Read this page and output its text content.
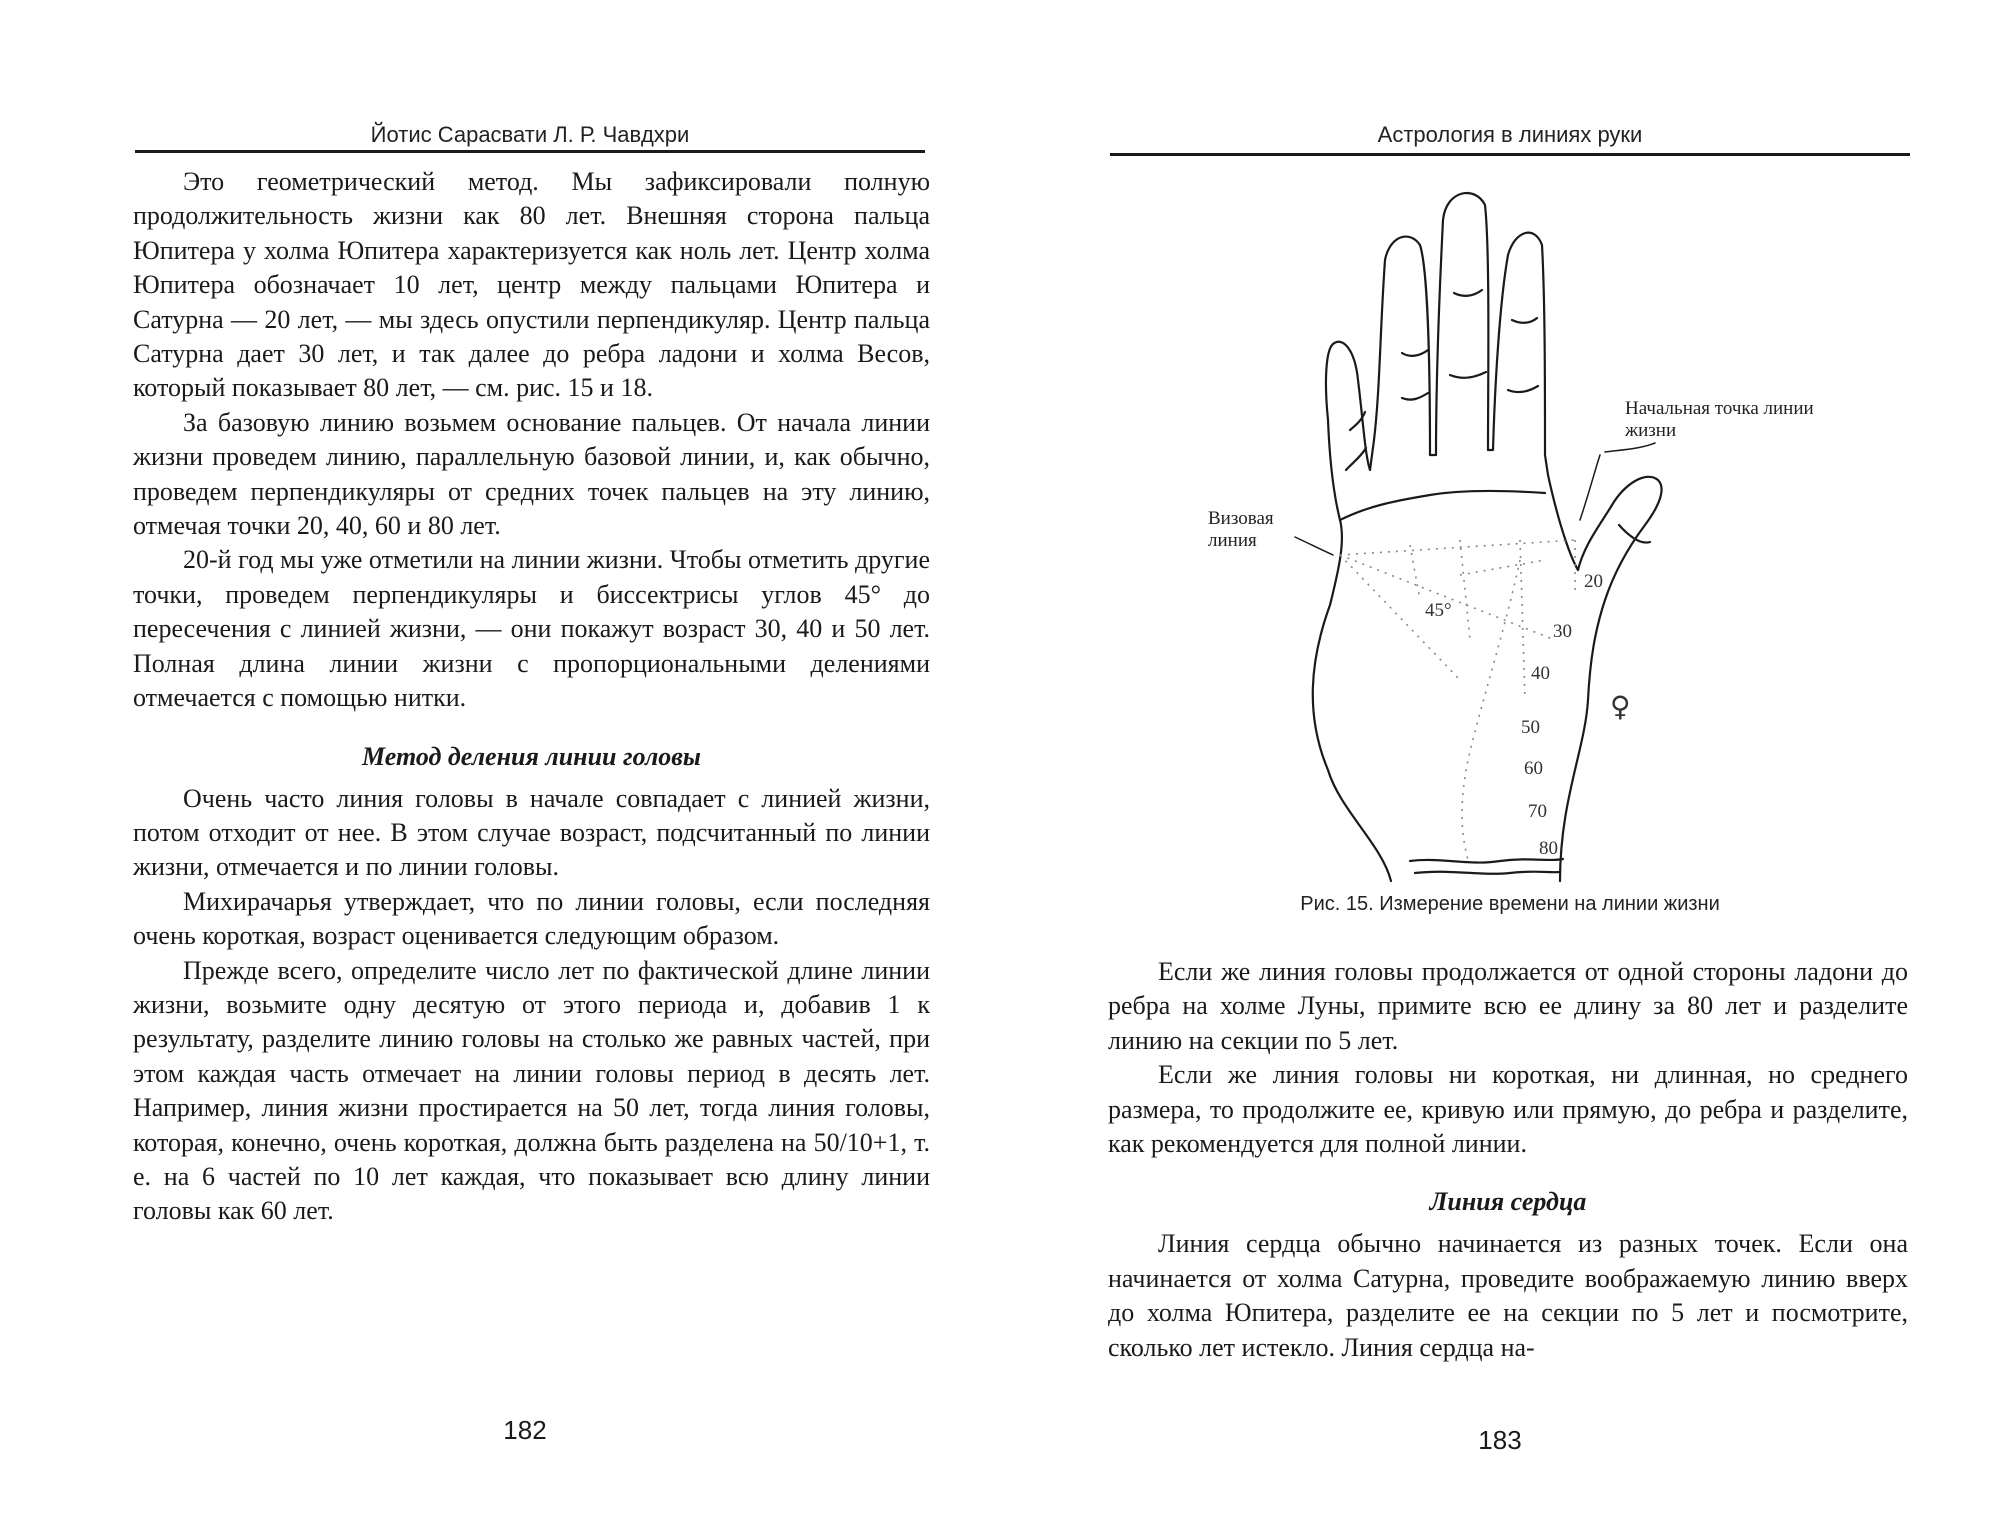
Йотис Сарасвати Л. Р. Чавдхри

Это геометрический метод. Мы зафиксировали полную продолжительность жизни как 80 лет. Внешняя сторона пальца Юпитера у холма Юпитера характеризуется как ноль лет. Центр холма Юпитера обозначает 10 лет, центр между пальцами Юпитера и Сатурна — 20 лет, — мы здесь опустили перпендикуляр. Центр пальца Сатурна дает 30 лет, и так далее до ребра ладони и холма Весов, который показывает 80 лет, — см. рис. 15 и 18.

За базовую линию возьмем основание пальцев. От начала линии жизни проведем линию, параллельную базовой линии, и, как обычно, проведем перпендикуляры от средних точек пальцев на эту линию, отмечая точки 20, 40, 60 и 80 лет.

20-й год мы уже отметили на линии жизни. Чтобы отметить другие точки, проведем перпендикуляры и биссектрисы углов 45° до пересечения с линией жизни, — они покажут возраст 30, 40 и 50 лет. Полная длина линии жизни с пропорциональными делениями отмечается с помощью нитки.

Метод деления линии головы

Очень часто линия головы в начале совпадает с линией жизни, потом отходит от нее. В этом случае возраст, подсчитанный по линии жизни, отмечается и по линии головы.

Михирачарья утверждает, что по линии головы, если последняя очень короткая, возраст оценивается следующим образом.

Прежде всего, определите число лет по фактической длине линии жизни, возьмите одну десятую от этого периода и, добавив 1 к результату, разделите линию головы на столько же равных частей, при этом каждая часть отмечает на линии головы период в десять лет. Например, линия жизни простирается на 50 лет, тогда линия головы, которая, конечно, очень короткая, должна быть разделена на 50/10+1, т. е. на 6 частей по 10 лет каждая, что показывает всю длину линии головы как 60 лет.

182
Астрология в линиях руки
Начальная точка линии жизни
Визовая линия
45°
20
30
40
50
60
70
80
♀
Рис. 15. Измерение времени на линии жизни

Если же линия головы продолжается от одной стороны ладони до ребра на холме Луны, примите всю ее длину за 80 лет и разделите линию на секции по 5 лет.

Если же линия головы ни короткая, ни длинная, но среднего размера, то продолжите ее, кривую или прямую, до ребра и разделите, как рекомендуется для полной линии.

Линия сердца

Линия сердца обычно начинается из разных точек. Если она начинается от холма Сатурна, проведите воображаемую линию вверх до холма Юпитера, разделите ее на секции по 5 лет и посмотрите, сколько лет истекло. Линия сердца на-

183
